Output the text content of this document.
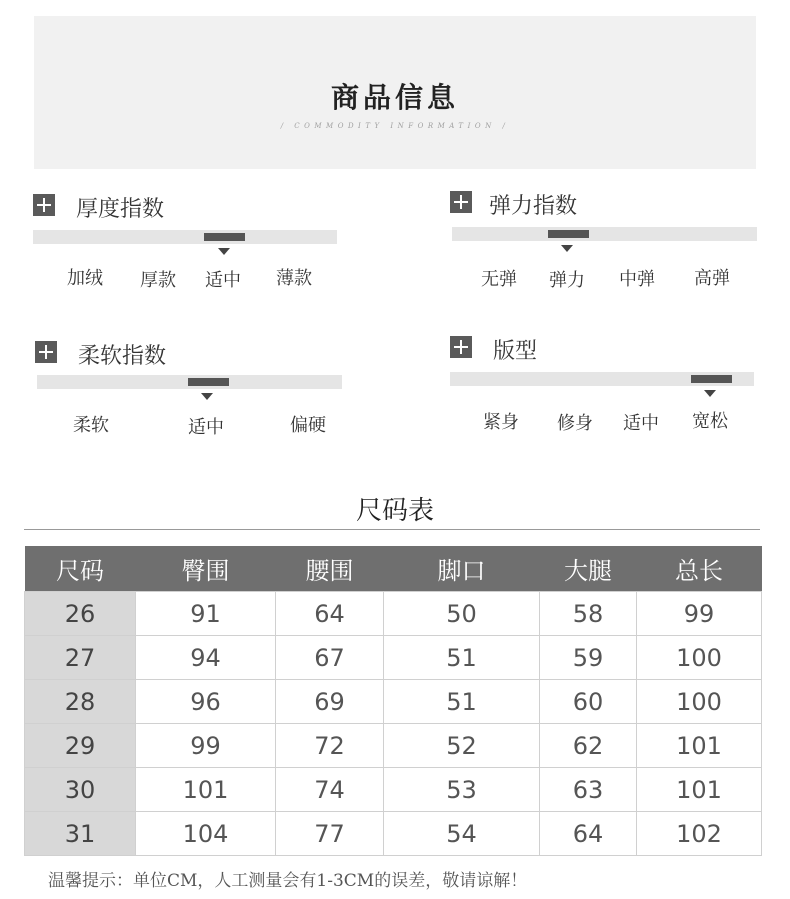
商品信息
/ COMMODITY INFORMATION /
厚度指数
加绒 厚款 适中 薄款
弹力指数
无弹 弹力 中弹 高弹
柔软指数
柔软	适中	偏硬
版型
紧身 修身 适中 宽松
尺码表
尺码	臀围	腰围	脚口	大腿	总长
26	91	64	50	58	99
27	94	67	51	59	100
28	96	69	51	60	100
29	99	72	52	62	101
30	101	74	53	63	101
31	104	77	54	64	102
温馨提示：单位CM，人工测量会有1-3CM的误差，敬请谅解！
